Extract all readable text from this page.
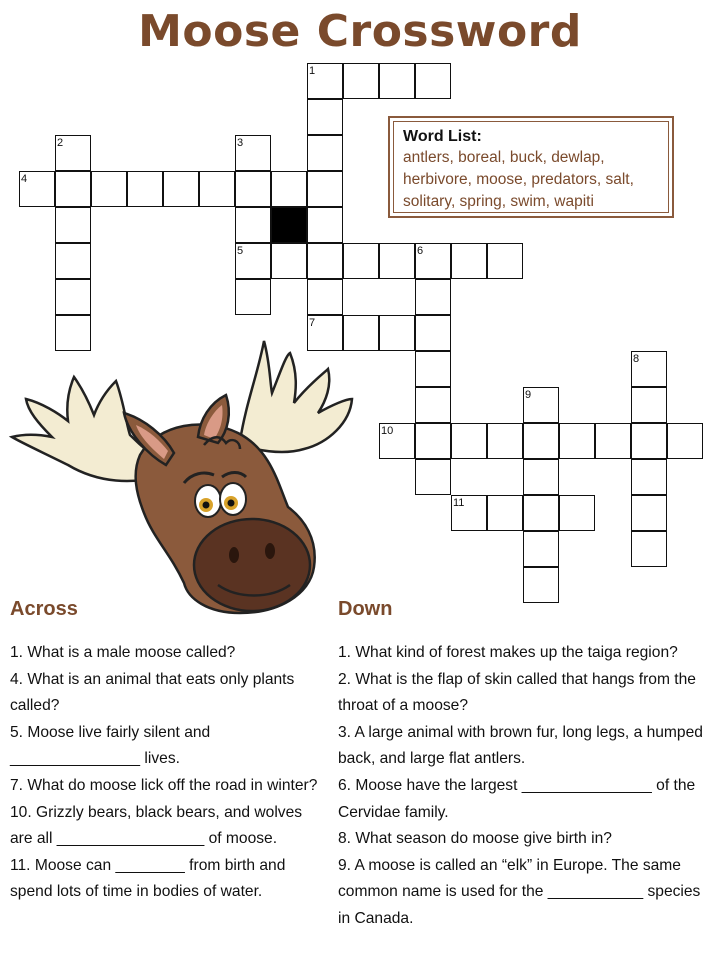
Moose Crossword
1
2	3
4
5	6
7
8
9
10
11
Word List:
antlers, boreal, buck, dewlap,
herbivore, moose, predators, salt,
solitary, spring, swim, wapiti
Across	Down

1. What is a male moose called?

4. What is an animal that eats only plants called?

5. Moose live fairly silent and _______________ lives.

7. What do moose lick off the road in winter?

10. Grizzly bears, black bears, and wolves are all _________________ of moose.

11. Moose can ________ from birth and spend lots of time in bodies of water.

1. What kind of forest makes up the taiga region?

2. What is the flap of skin called that hangs from the throat of a moose?

3. A large animal with brown fur, long legs, a humped back, and large flat antlers.

6. Moose have the largest _______________ of the Cervidae family.

8. What season do moose give birth in?

9. A moose is called an “elk” in Europe. The same common name is used for the ___________ species in Canada.
